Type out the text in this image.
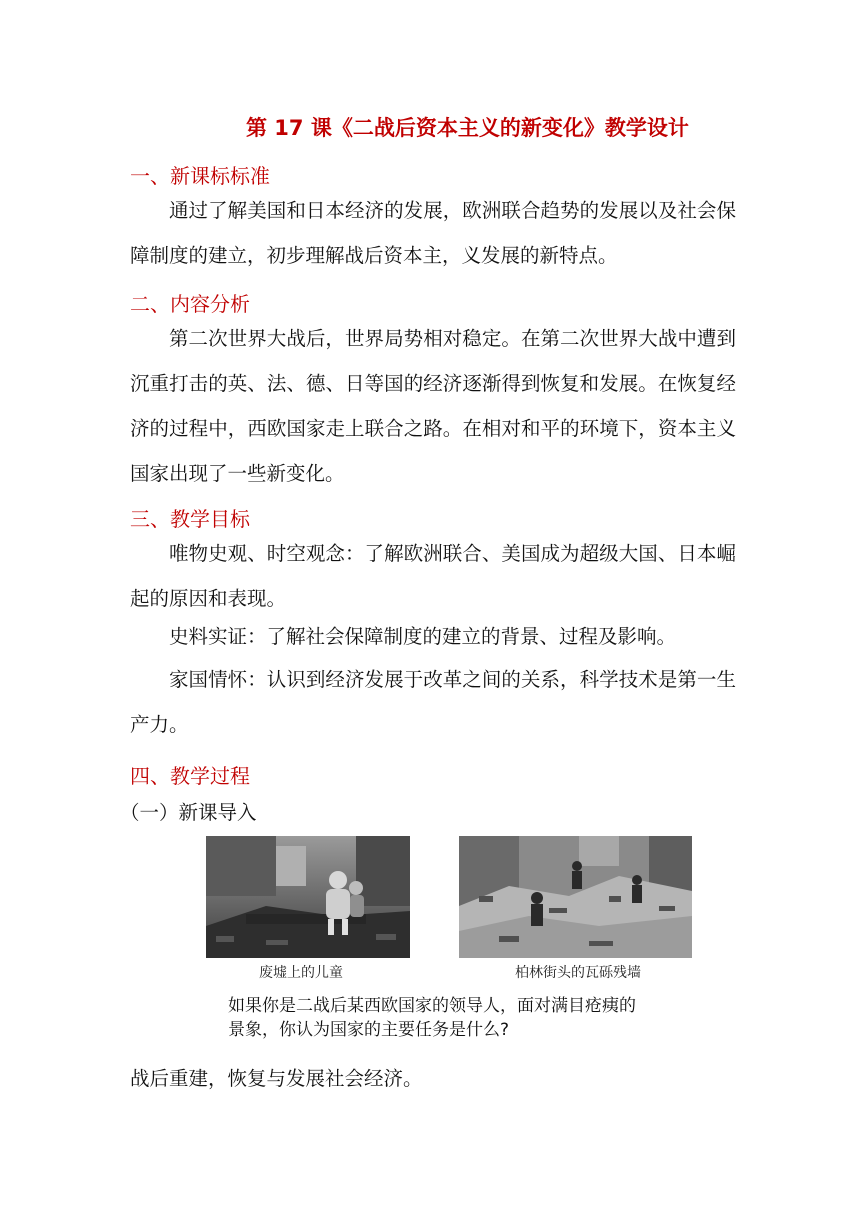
第 17 课《二战后资本主义的新变化》教学设计
一、新课标标准

通过了解美国和日本经济的发展，欧洲联合趋势的发展以及社会保障制度的建立，初步理解战后资本主，义发展的新特点。

二、内容分析

第二次世界大战后，世界局势相对稳定。在第二次世界大战中遭到沉重打击的英、法、德、日等国的经济逐渐得到恢复和发展。在恢复经济的过程中，西欧国家走上联合之路。在相对和平的环境下，资本主义国家出现了一些新变化。

三、教学目标

唯物史观、时空观念：了解欧洲联合、美国成为超级大国、日本崛起的原因和表现。

史料实证：了解社会保障制度的建立的背景、过程及影响。

家国情怀：认识到经济发展于改革之间的关系，科学技术是第一生产力。

四、教学过程
（一）新课导入
废墟上的儿童	柏林街头的瓦砾残墙
如果你是二战后某西欧国家的领导人，面对满目疮痍的景象，你认为国家的主要任务是什么?
战后重建，恢复与发展社会经济。
